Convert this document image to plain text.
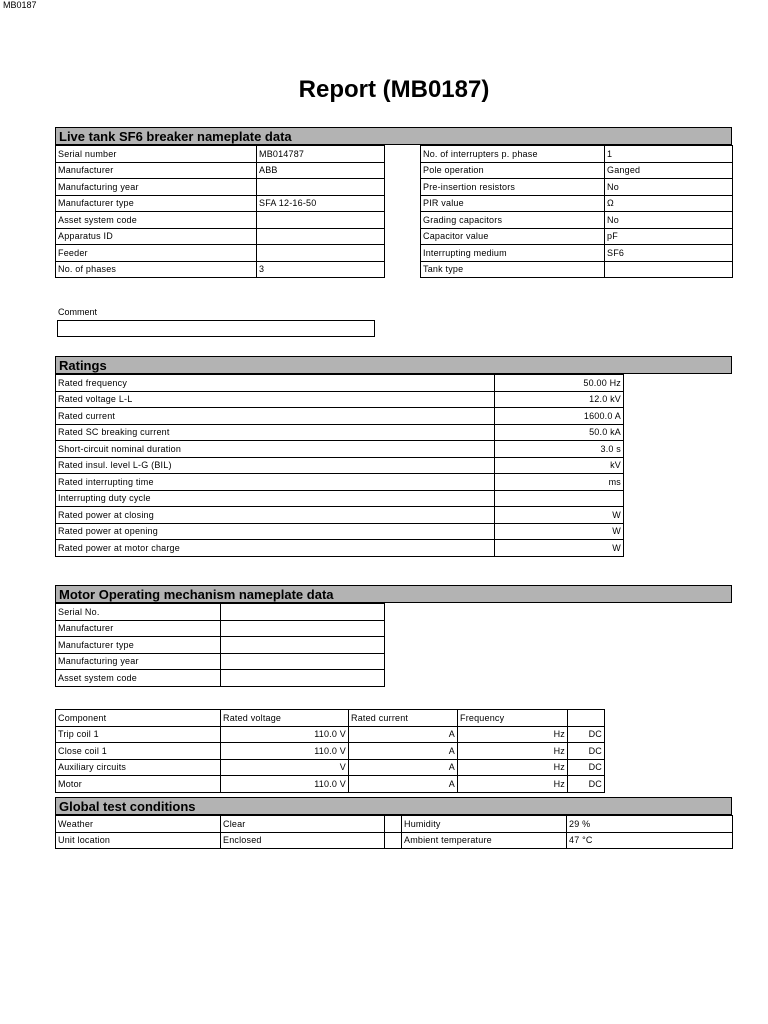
MB0187
Report (MB0187)
Live tank SF6 breaker nameplate data
Serial number	MB014787
Manufacturer	ABB
Manufacturing year	
Manufacturer type	SFA 12-16-50
Asset system code	
Apparatus ID	
Feeder	
No. of phases	3
No. of interrupters p. phase	1
Pole operation	Ganged
Pre-insertion resistors	No
PIR value	Ω
Grading capacitors	No
Capacitor value	pF
Interrupting medium	SF6
Tank type	
Comment
Ratings
Rated frequency	50.00 Hz
Rated voltage L-L	12.0 kV
Rated current	1600.0 A
Rated SC breaking current	50.0 kA
Short-circuit nominal duration	3.0 s
Rated insul. level L-G (BIL)	kV
Rated interrupting time	ms
Interrupting duty cycle	
Rated power at closing	W
Rated power at opening	W
Rated power at motor charge	W
Motor Operating mechanism nameplate data
Serial No.	
Manufacturer	
Manufacturer type	
Manufacturing year	
Asset system code	
Component	Rated voltage	Rated current	Frequency	
Trip coil 1	110.0 V	A	Hz	DC
Close coil 1	110.0 V	A	Hz	DC
Auxiliary circuits	V	A	Hz	DC
Motor	110.0 V	A	Hz	DC
Global test conditions
Weather	Clear		Humidity	29 %
Unit location	Enclosed		Ambient temperature	47 °C
